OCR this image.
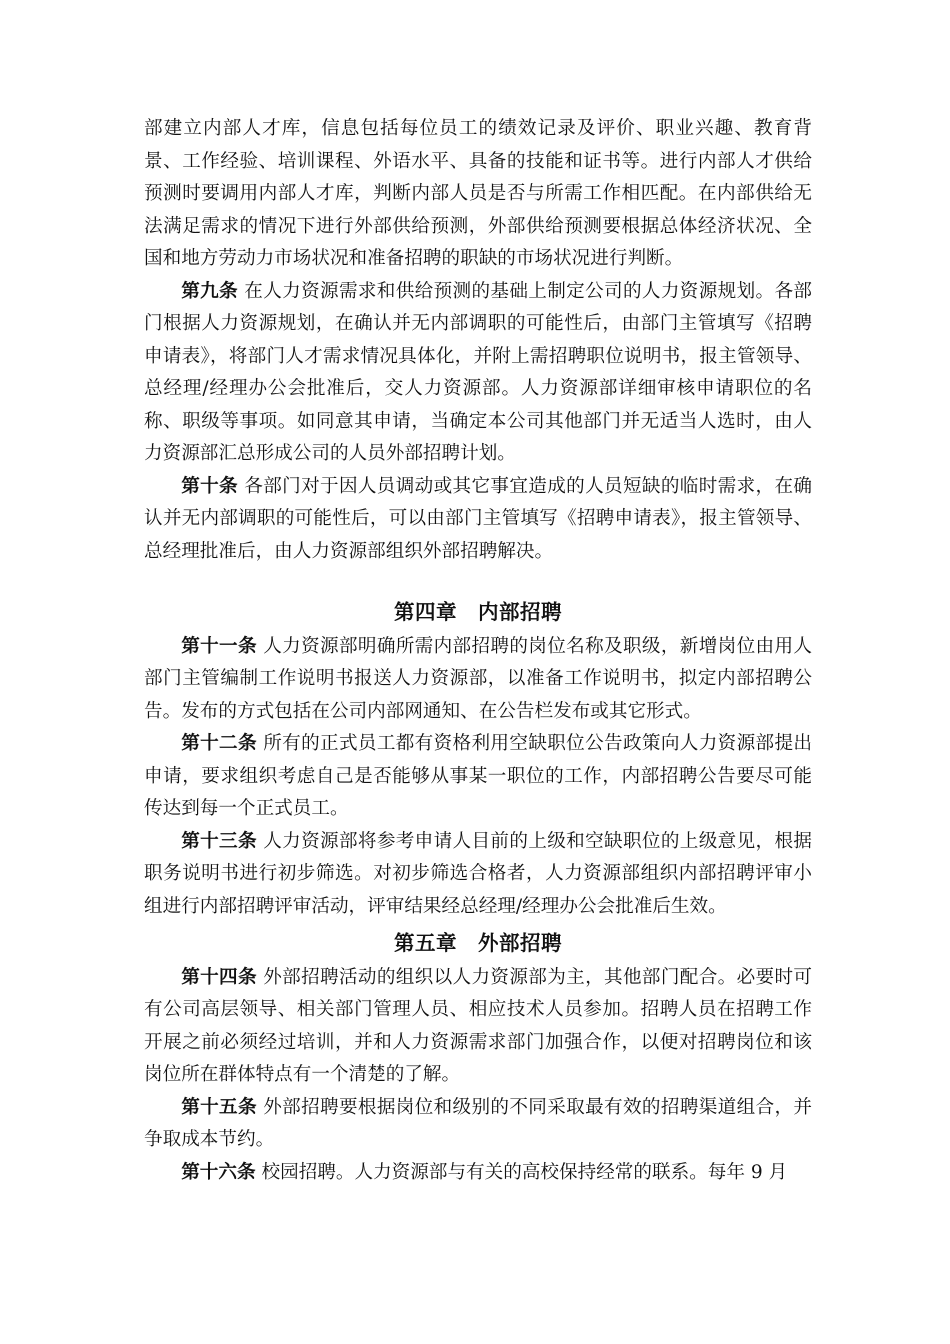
部建立内部人才库，信息包括每位员工的绩效记录及评价、职业兴趣、教育背景、工作经验、培训课程、外语水平、具备的技能和证书等。进行内部人才供给预测时要调用内部人才库，判断内部人员是否与所需工作相匹配。在内部供给无法满足需求的情况下进行外部供给预测，外部供给预测要根据总体经济状况、全国和地方劳动力市场状况和准备招聘的职缺的市场状况进行判断。

第九条 在人力资源需求和供给预测的基础上制定公司的人力资源规划。各部门根据人力资源规划，在确认并无内部调职的可能性后，由部门主管填写《招聘申请表》，将部门人才需求情况具体化，并附上需招聘职位说明书，报主管领导、总经理/经理办公会批准后，交人力资源部。人力资源部详细审核申请职位的名称、职级等事项。如同意其申请，当确定本公司其他部门并无适当人选时，由人力资源部汇总形成公司的人员外部招聘计划。

第十条 各部门对于因人员调动或其它事宜造成的人员短缺的临时需求，在确认并无内部调职的可能性后，可以由部门主管填写《招聘申请表》，报主管领导、总经理批准后，由人力资源部组织外部招聘解决。

第四章　内部招聘

第十一条 人力资源部明确所需内部招聘的岗位名称及职级，新增岗位由用人部门主管编制工作说明书报送人力资源部，以准备工作说明书，拟定内部招聘公告。发布的方式包括在公司内部网通知、在公告栏发布或其它形式。

第十二条 所有的正式员工都有资格利用空缺职位公告政策向人力资源部提出申请，要求组织考虑自己是否能够从事某一职位的工作，内部招聘公告要尽可能传达到每一个正式员工。

第十三条 人力资源部将参考申请人目前的上级和空缺职位的上级意见，根据职务说明书进行初步筛选。对初步筛选合格者，人力资源部组织内部招聘评审小组进行内部招聘评审活动，评审结果经总经理/经理办公会批准后生效。

第五章　外部招聘

第十四条 外部招聘活动的组织以人力资源部为主，其他部门配合。必要时可有公司高层领导、相关部门管理人员、相应技术人员参加。招聘人员在招聘工作开展之前必须经过培训，并和人力资源需求部门加强合作，以便对招聘岗位和该岗位所在群体特点有一个清楚的了解。

第十五条 外部招聘要根据岗位和级别的不同采取最有效的招聘渠道组合，并争取成本节约。

第十六条 校园招聘。人力资源部与有关的高校保持经常的联系。每年 9 月
